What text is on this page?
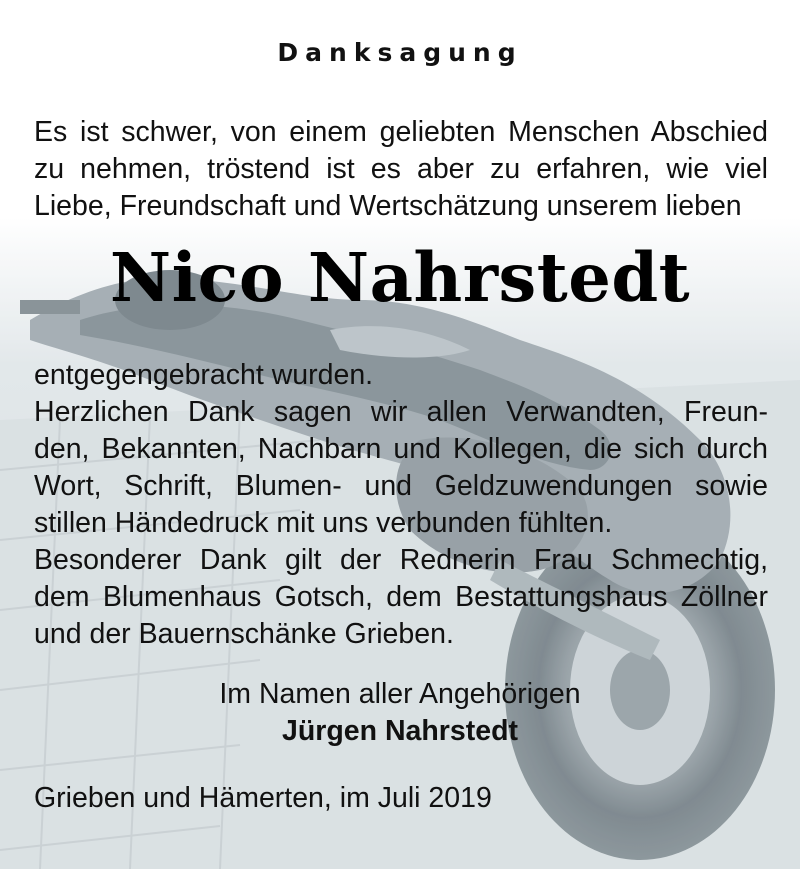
Danksagung

Es ist schwer, von einem geliebten Menschen Abschied
zu nehmen, tröstend ist es aber zu erfahren, wie viel
Liebe, Freundschaft und Wertschätzung unserem lieben

Nico Nahrstedt

entgegengebracht wurden.
Herzlichen Dank sagen wir allen Verwandten, Freun-
den, Bekannten, Nachbarn und Kollegen, die sich durch
Wort, Schrift, Blumen- und Geldzuwendungen sowie
stillen Händedruck mit uns verbunden fühlten.
Besonderer Dank gilt der Rednerin Frau Schmechtig,
dem Blumenhaus Gotsch, dem Bestattungshaus Zöllner
und der Bauernschänke Grieben.

Im Namen aller Angehörigen
Jürgen Nahrstedt
Grieben und Hämerten, im Juli 2019
